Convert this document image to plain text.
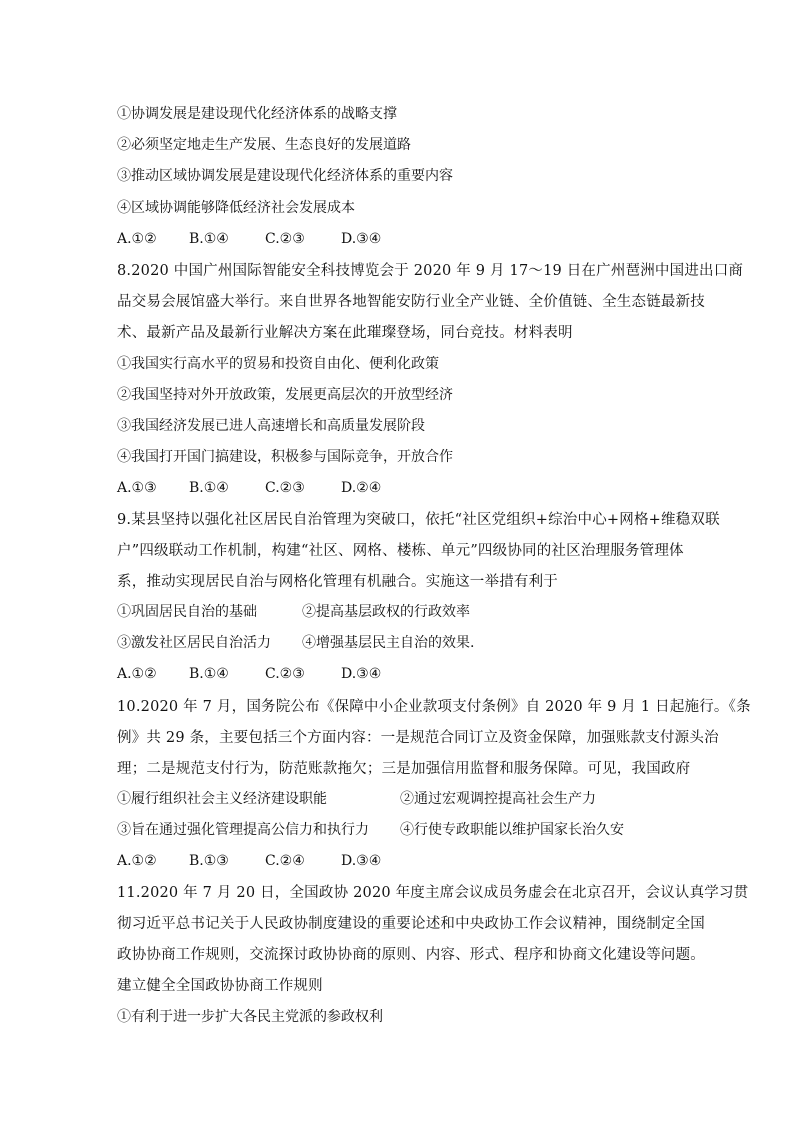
①协调发展是建设现代化经济体系的战略支撑
②必须坚定地走生产发展、生态良好的发展道路
③推动区域协调发展是建设现代化经济体系的重要内容
④区域协调能够降低经济社会发展成本
A.①② B.①④	C.②③	D.③④
8.2020 中国广州国际智能安全科技博览会于 2020 年 9 月 17～19 日在广州琶洲中国进出口商
品交易会展馆盛大举行。来自世界各地智能安防行业全产业链、全价值链、全生态链最新技
术、最新产品及最新行业解决方案在此璀璨登场，同台竞技。材料表明
①我国实行高水平的贸易和投资自由化、便利化政策
②我国坚持对外开放政策，发展更高层次的开放型经济
③我国经济发展已进人高速增长和高质量发展阶段
④我国打开国门搞建设，积极参与国际竞争，开放合作
A.①③ B.①④	C.②③	D.②④
9.某县坚持以强化社区居民自治管理为突破口，依托“社区党组织+综治中心+网格+维稳双联
户”四级联动工作机制，构建“社区、网格、楼栋、单元”四级协同的社区治理服务管理体
系，推动实现居民自治与网格化管理有机融合。实施这一举措有利于
①巩固居民自治的基础	②提高基层政权的行政效率
③激发社区居民自治活力 ④增强基层民主自治的效果.
A.①② B.①④	C.②③	D.③④
10.2020 年 7 月，国务院公布《保障中小企业款项支付条例》自 2020 年 9 月 1 日起施行。《条
例》共 29 条，主要包括三个方面内容：一是规范合同订立及资金保障，加强账款支付源头治
理；二是规范支付行为，防范账款拖欠；三是加强信用监督和服务保障。可见，我国政府
①履行组织社会主义经济建设职能	②通过宏观调控提高社会生产力
③旨在通过强化管理提高公信力和执行力 ④行使专政职能以维护国家长治久安
A.①② B.①③	C.②④	D.③④
11.2020 年 7 月 20 日，全国政协 2020 年度主席会议成员务虚会在北京召开，会议认真学习贯
彻习近平总书记关于人民政协制度建设的重要论述和中央政协工作会议精神，围绕制定全国
政协协商工作规则，交流探讨政协协商的原则、内容、形式、程序和协商文化建设等问题。
建立健全全国政协协商工作规则
①有利于进一步扩大各民主党派的参政权利
